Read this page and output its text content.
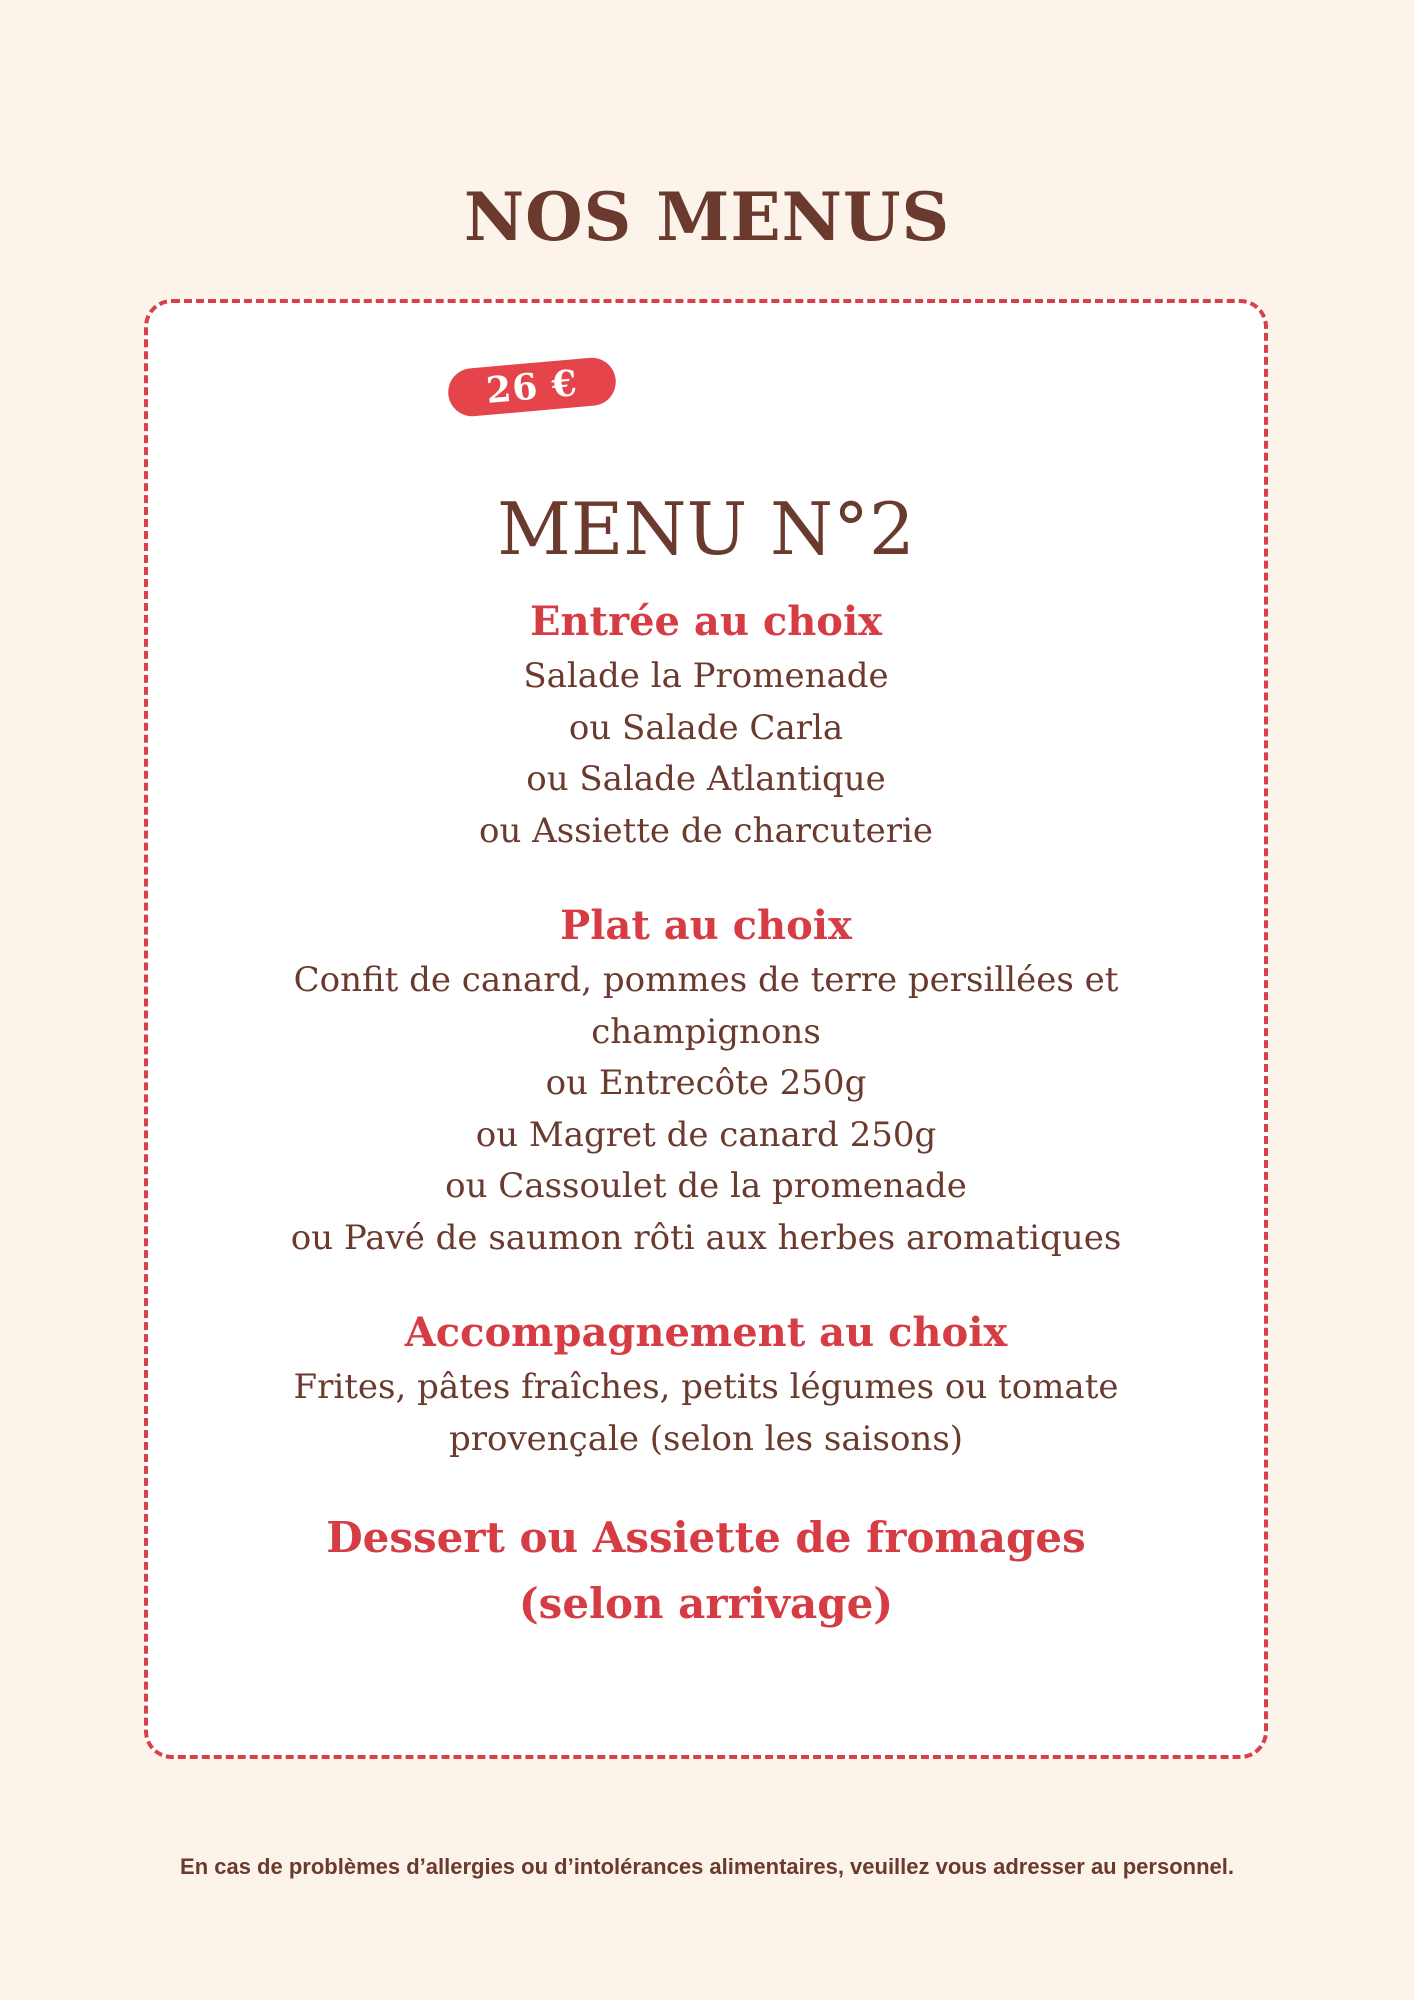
NOS MENUS
26 €
MENU N°2
Entrée au choix
Salade la Promenade
ou Salade Carla
ou Salade Atlantique
ou Assiette de charcuterie
Plat au choix
Confit de canard, pommes de terre persillées et champignons
ou Entrecôte 250g
ou Magret de canard 250g
ou Cassoulet de la promenade
ou Pavé de saumon rôti aux herbes aromatiques
Accompagnement au choix
Frites, pâtes fraîches, petits légumes ou tomate provençale (selon les saisons)
Dessert ou Assiette de fromages (selon arrivage)

En cas de problèmes d’allergies ou d’intolérances alimentaires, veuillez vous adresser au personnel.
